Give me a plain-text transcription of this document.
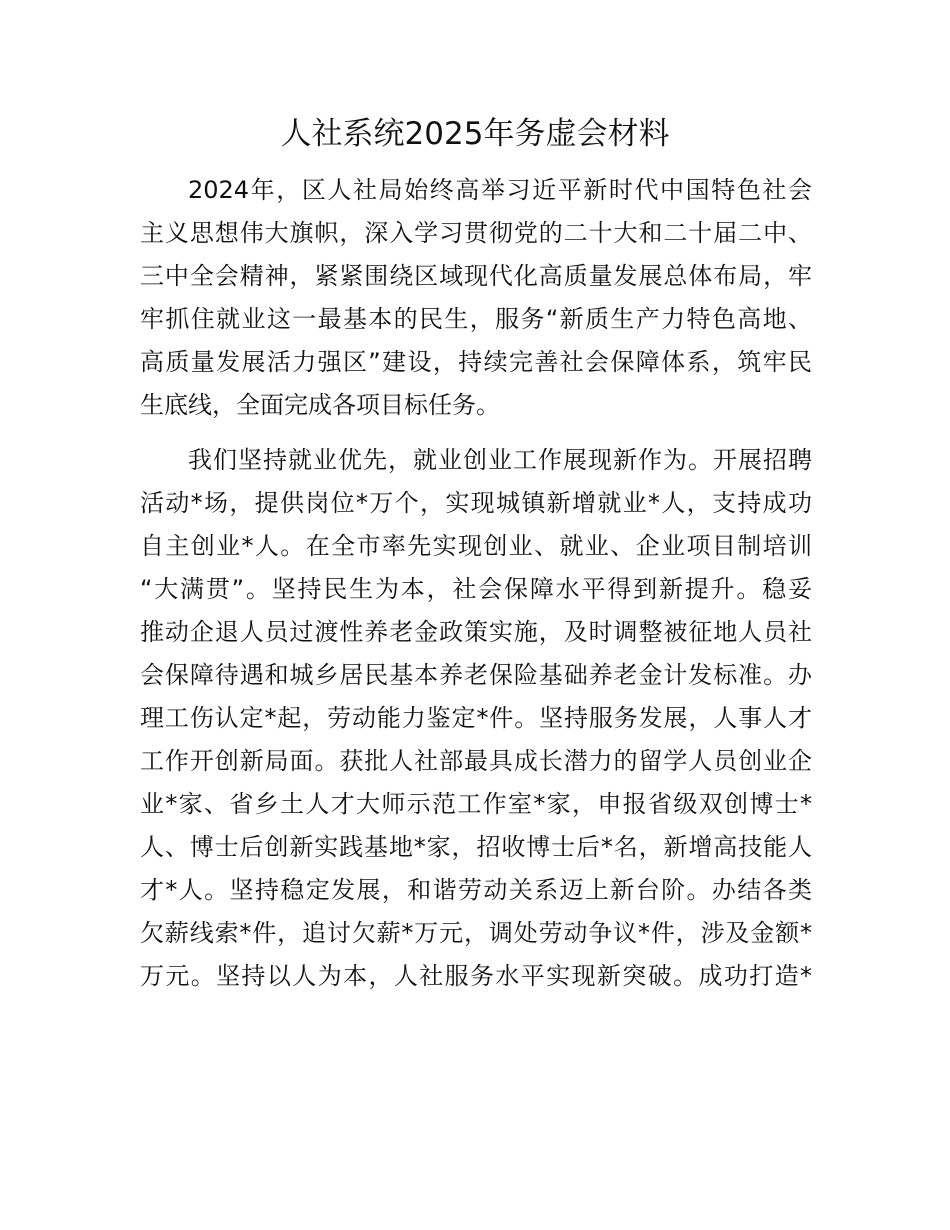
人社系统2025年务虚会材料
2024年，区人社局始终高举习近平新时代中国特色社会
主义思想伟大旗帜，深入学习贯彻党的二十大和二十届二中、
三中全会精神，紧紧围绕区域现代化高质量发展总体布局，牢
牢抓住就业这一最基本的民生，服务“新质生产力特色高地、
高质量发展活力强区”建设，持续完善社会保障体系，筑牢民
生底线，全面完成各项目标任务。
我们坚持就业优先，就业创业工作展现新作为。开展招聘
活动*场，提供岗位*万个，实现城镇新增就业*人，支持成功
自主创业*人。在全市率先实现创业、就业、企业项目制培训
“大满贯”。坚持民生为本，社会保障水平得到新提升。稳妥
推动企退人员过渡性养老金政策实施，及时调整被征地人员社
会保障待遇和城乡居民基本养老保险基础养老金计发标准。办
理工伤认定*起，劳动能力鉴定*件。坚持服务发展，人事人才
工作开创新局面。获批人社部最具成长潜力的留学人员创业企
业*家、省乡土人才大师示范工作室*家，申报省级双创博士*
人、博士后创新实践基地*家，招收博士后*名，新增高技能人
才*人。坚持稳定发展，和谐劳动关系迈上新台阶。办结各类
欠薪线索*件，追讨欠薪*万元，调处劳动争议*件，涉及金额*
万元。坚持以人为本，人社服务水平实现新突破。成功打造*
